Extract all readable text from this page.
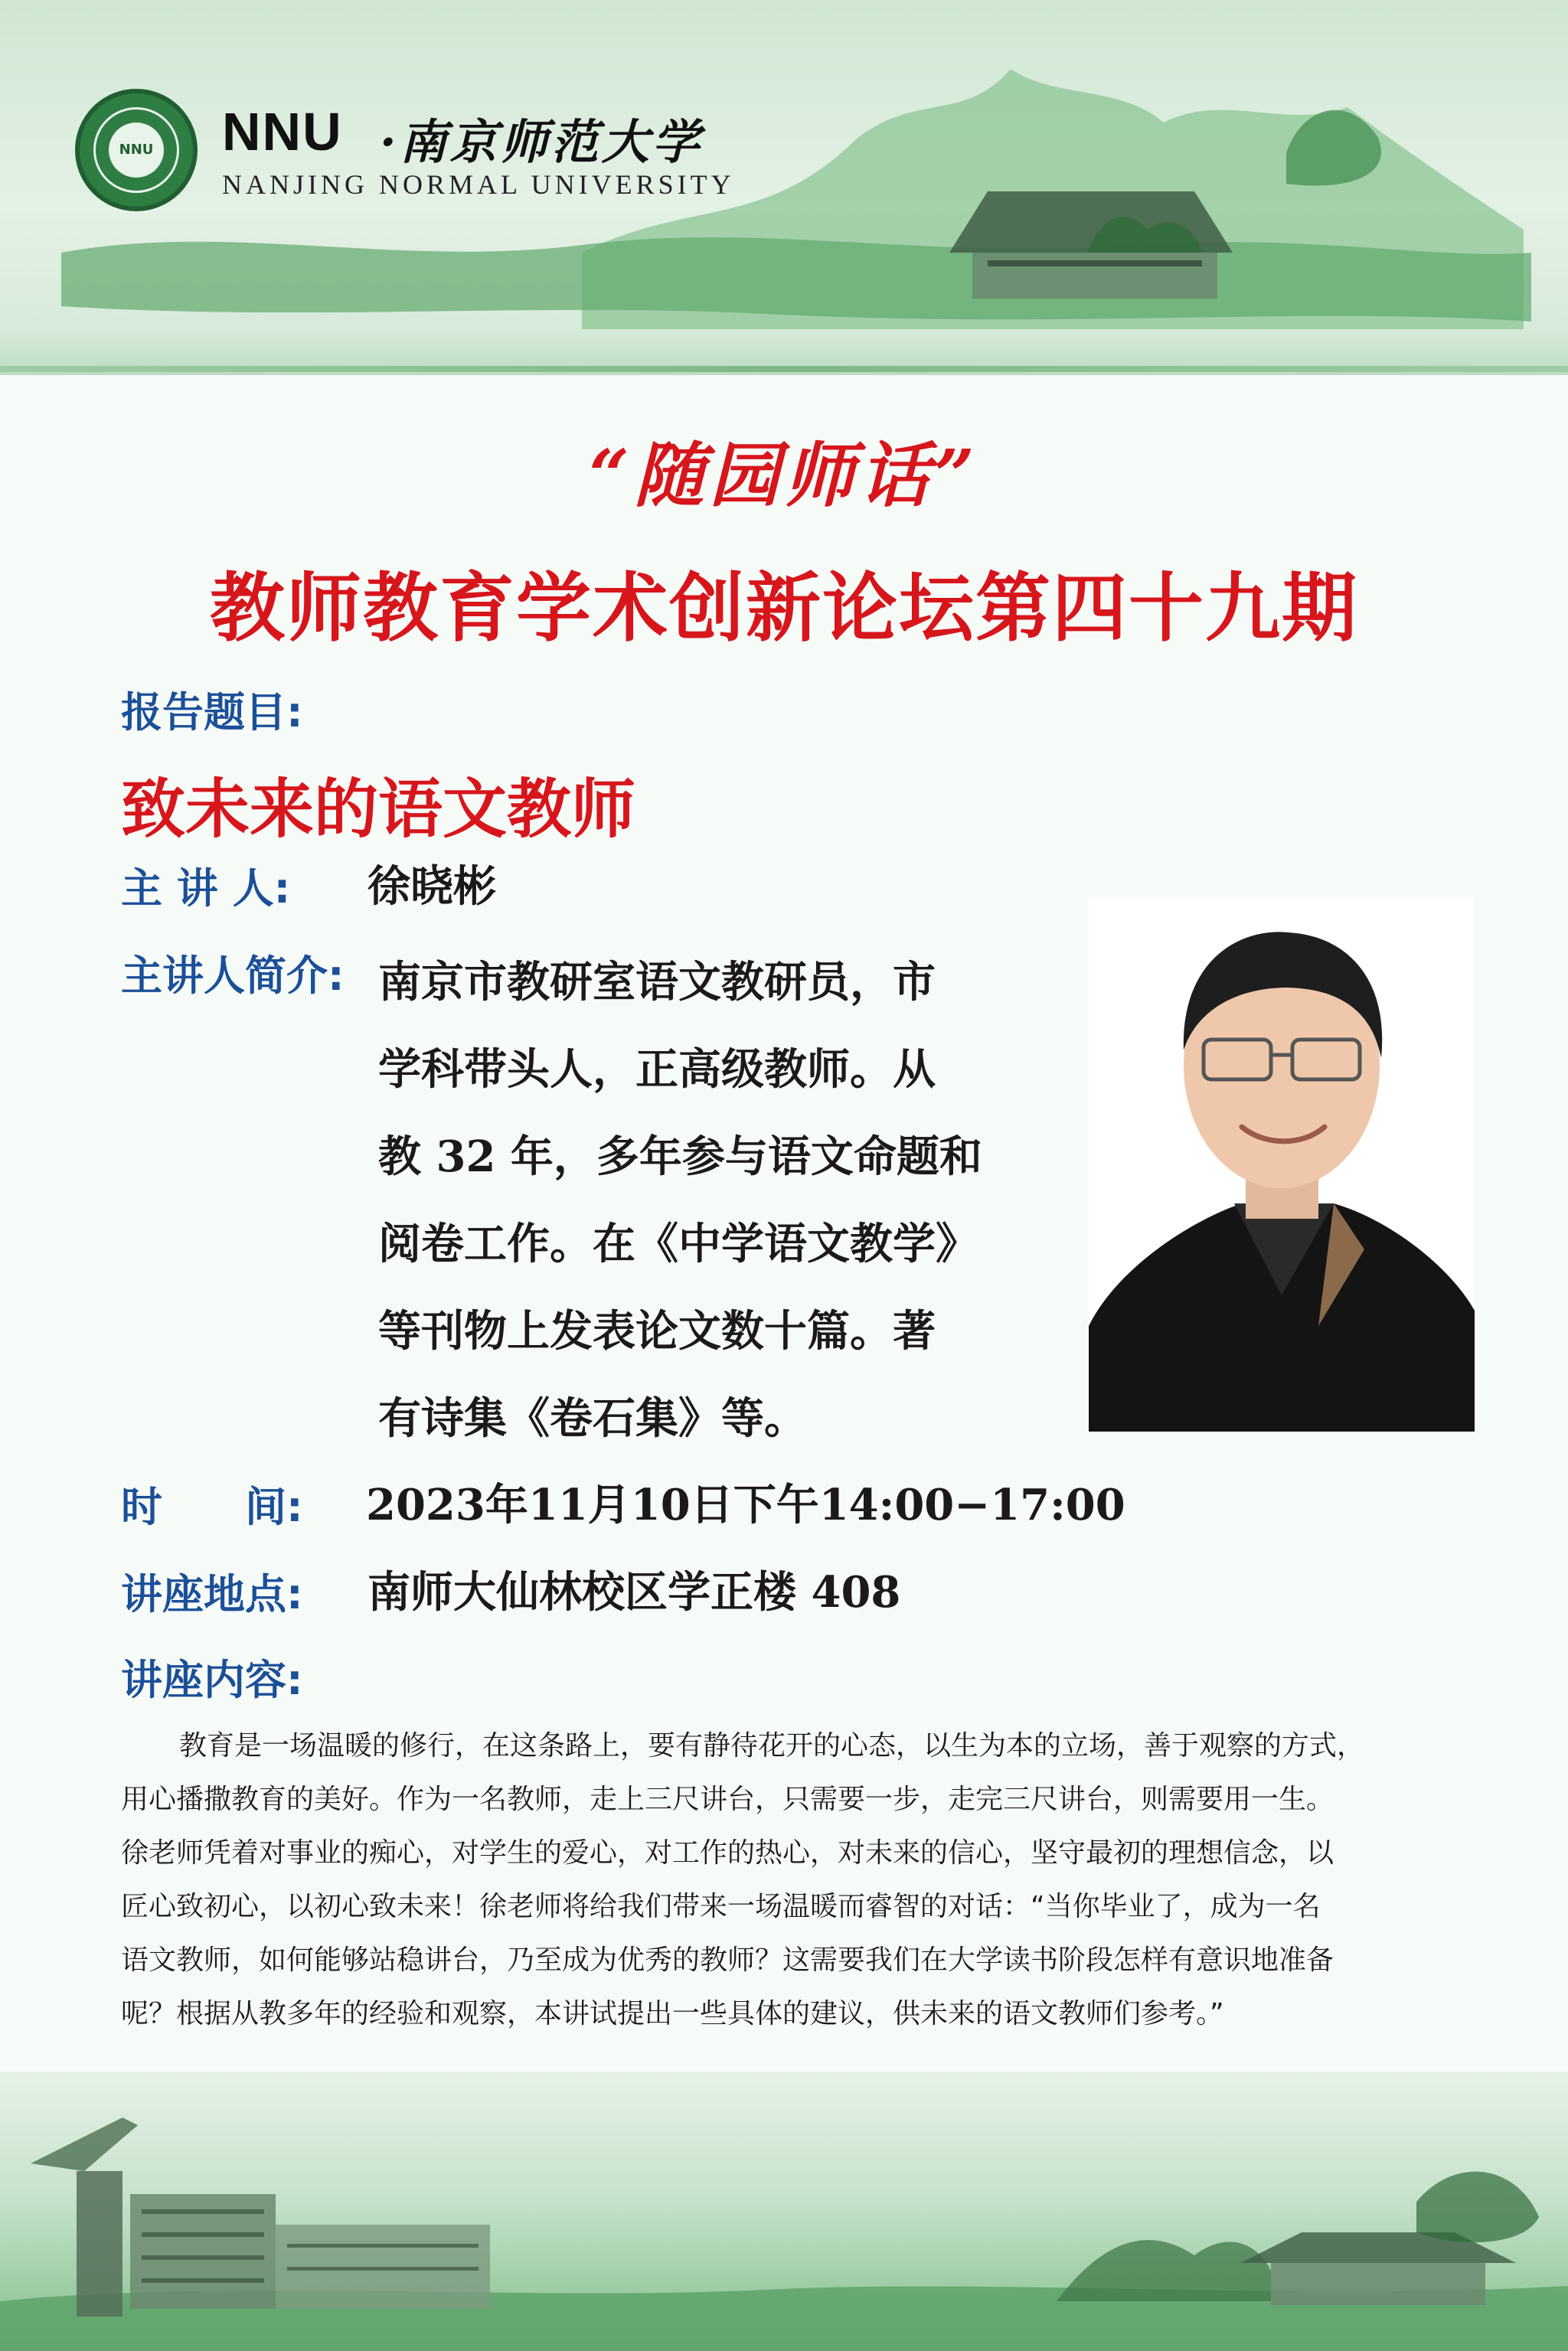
NNU NNU ·南京师范大学
NANJING NORMAL UNIVERSITY
“随园师话”
教师教育学术创新论坛第四十九期
报告题目:
致未来的语文教师
主 讲 人: 徐晓彬
主讲人简介: 南京市教研室语文教研员，市
学科带头人，正高级教师。从
教 32 年，多年参与语文命题和
阅卷工作。在《中学语文教学》
等刊物上发表论文数十篇。著
有诗集《卷石集》等。
时　　间: 2023年11月10日下午14:00−17:00
讲座地点: 南师大仙林校区学正楼 408
讲座内容:
教育是一场温暖的修行，在这条路上，要有静待花开的心态，以生为本的立场，善于观察的方式，
用心播撒教育的美好。作为一名教师，走上三尺讲台，只需要一步，走完三尺讲台，则需要用一生。
徐老师凭着对事业的痴心，对学生的爱心，对工作的热心，对未来的信心，坚守最初的理想信念，以
匠心致初心，以初心致未来！徐老师将给我们带来一场温暖而睿智的对话：“当你毕业了，成为一名
语文教师，如何能够站稳讲台，乃至成为优秀的教师？这需要我们在大学读书阶段怎样有意识地准备
呢？根据从教多年的经验和观察，本讲试提出一些具体的建议，供未来的语文教师们参考。”
